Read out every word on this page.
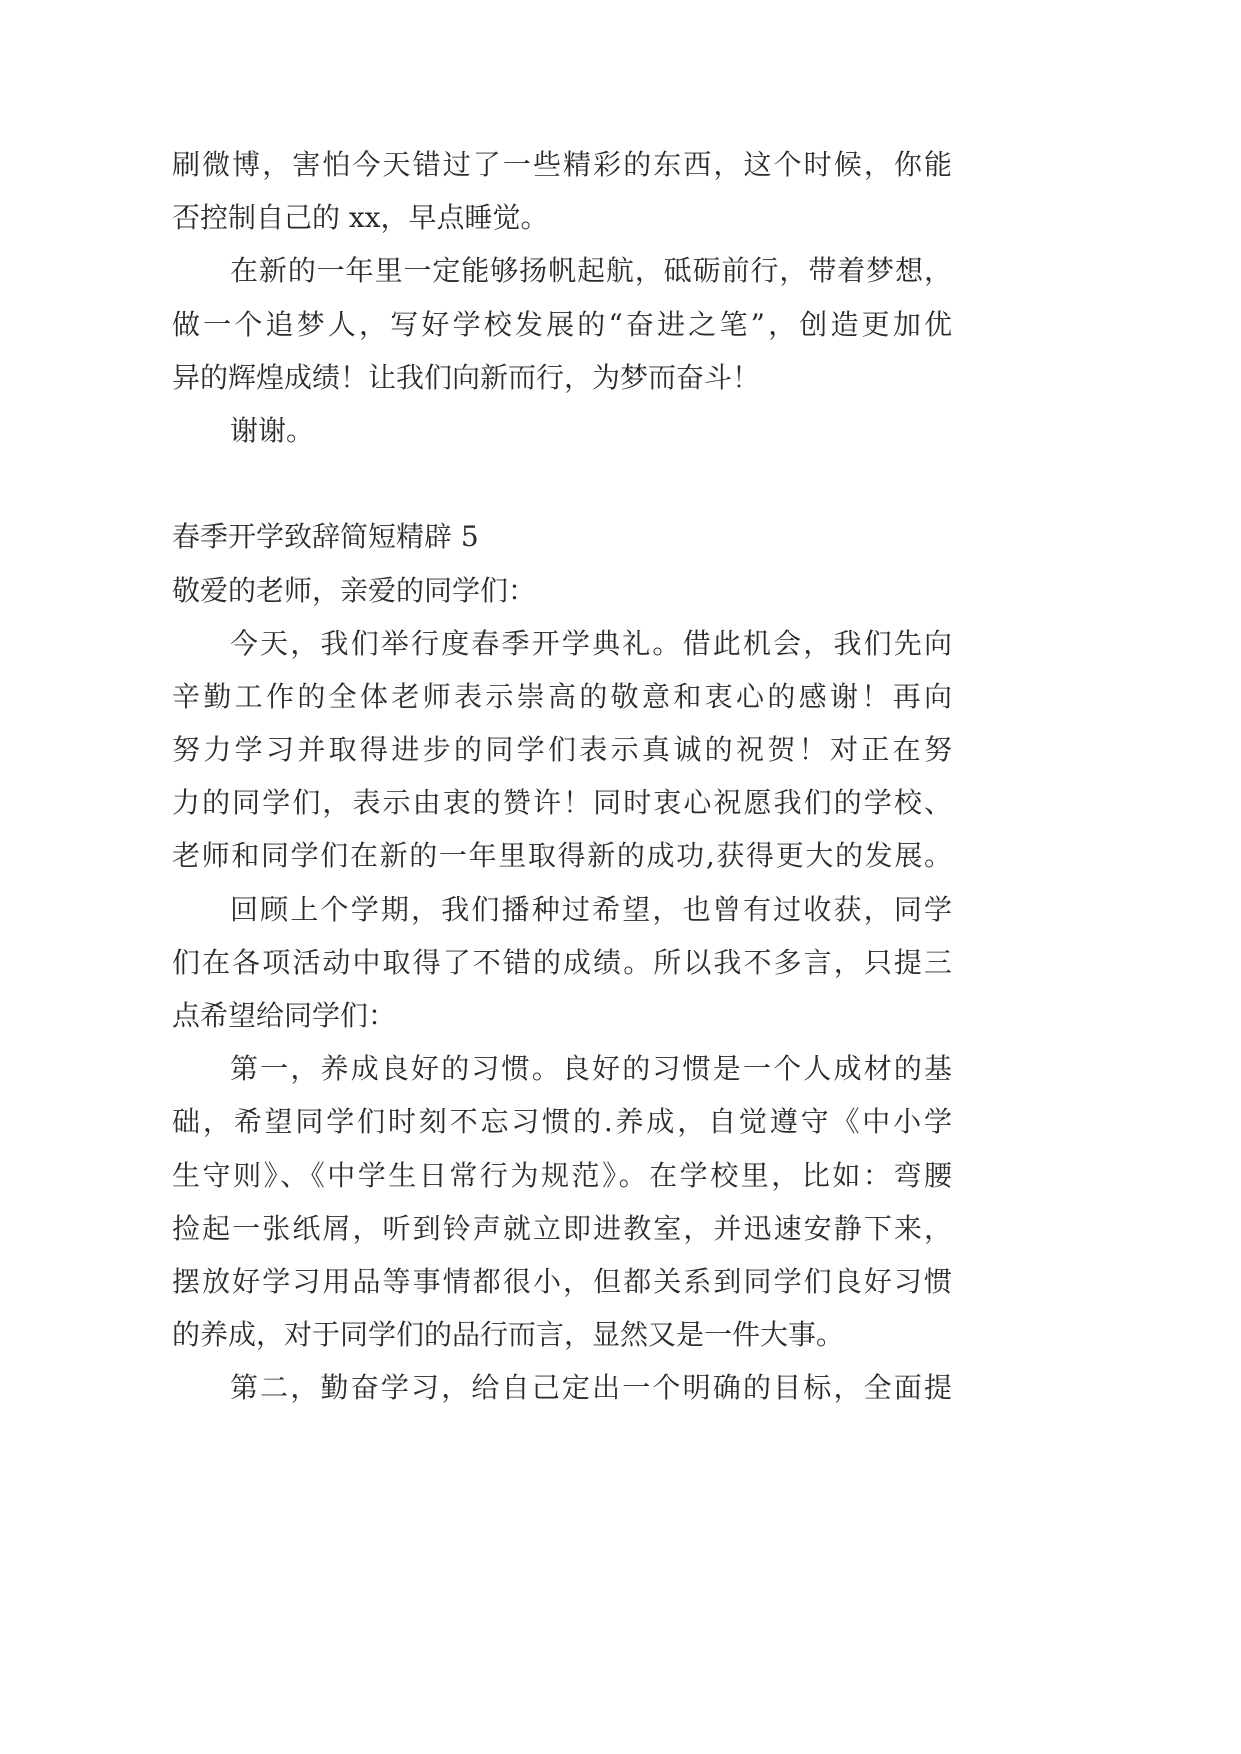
刷微博，害怕今天错过了一些精彩的东西，这个时候，你能
否控制自己的 xx，早点睡觉。
在新的一年里一定能够扬帆起航，砥砺前行，带着梦想，
做一个追梦人，写好学校发展的“奋进之笔”，创造更加优
异的辉煌成绩！让我们向新而行，为梦而奋斗！
谢谢。
春季开学致辞简短精辟 5
敬爱的老师，亲爱的同学们：
今天，我们举行度春季开学典礼。借此机会，我们先向
辛勤工作的全体老师表示崇高的敬意和衷心的感谢！再向
努力学习并取得进步的同学们表示真诚的祝贺！对正在努
力的同学们，表示由衷的赞许！同时衷心祝愿我们的学校、
老师和同学们在新的一年里取得新的成功,获得更大的发展。
回顾上个学期，我们播种过希望，也曾有过收获，同学
们在各项活动中取得了不错的成绩。所以我不多言，只提三
点希望给同学们：
第一，养成良好的习惯。良好的习惯是一个人成材的基
础，希望同学们时刻不忘习惯的.养成，自觉遵守《中小学
生守则》、《中学生日常行为规范》。在学校里，比如：弯腰
捡起一张纸屑，听到铃声就立即进教室，并迅速安静下来，
摆放好学习用品等事情都很小，但都关系到同学们良好习惯
的养成，对于同学们的品行而言，显然又是一件大事。
第二，勤奋学习，给自己定出一个明确的目标，全面提
